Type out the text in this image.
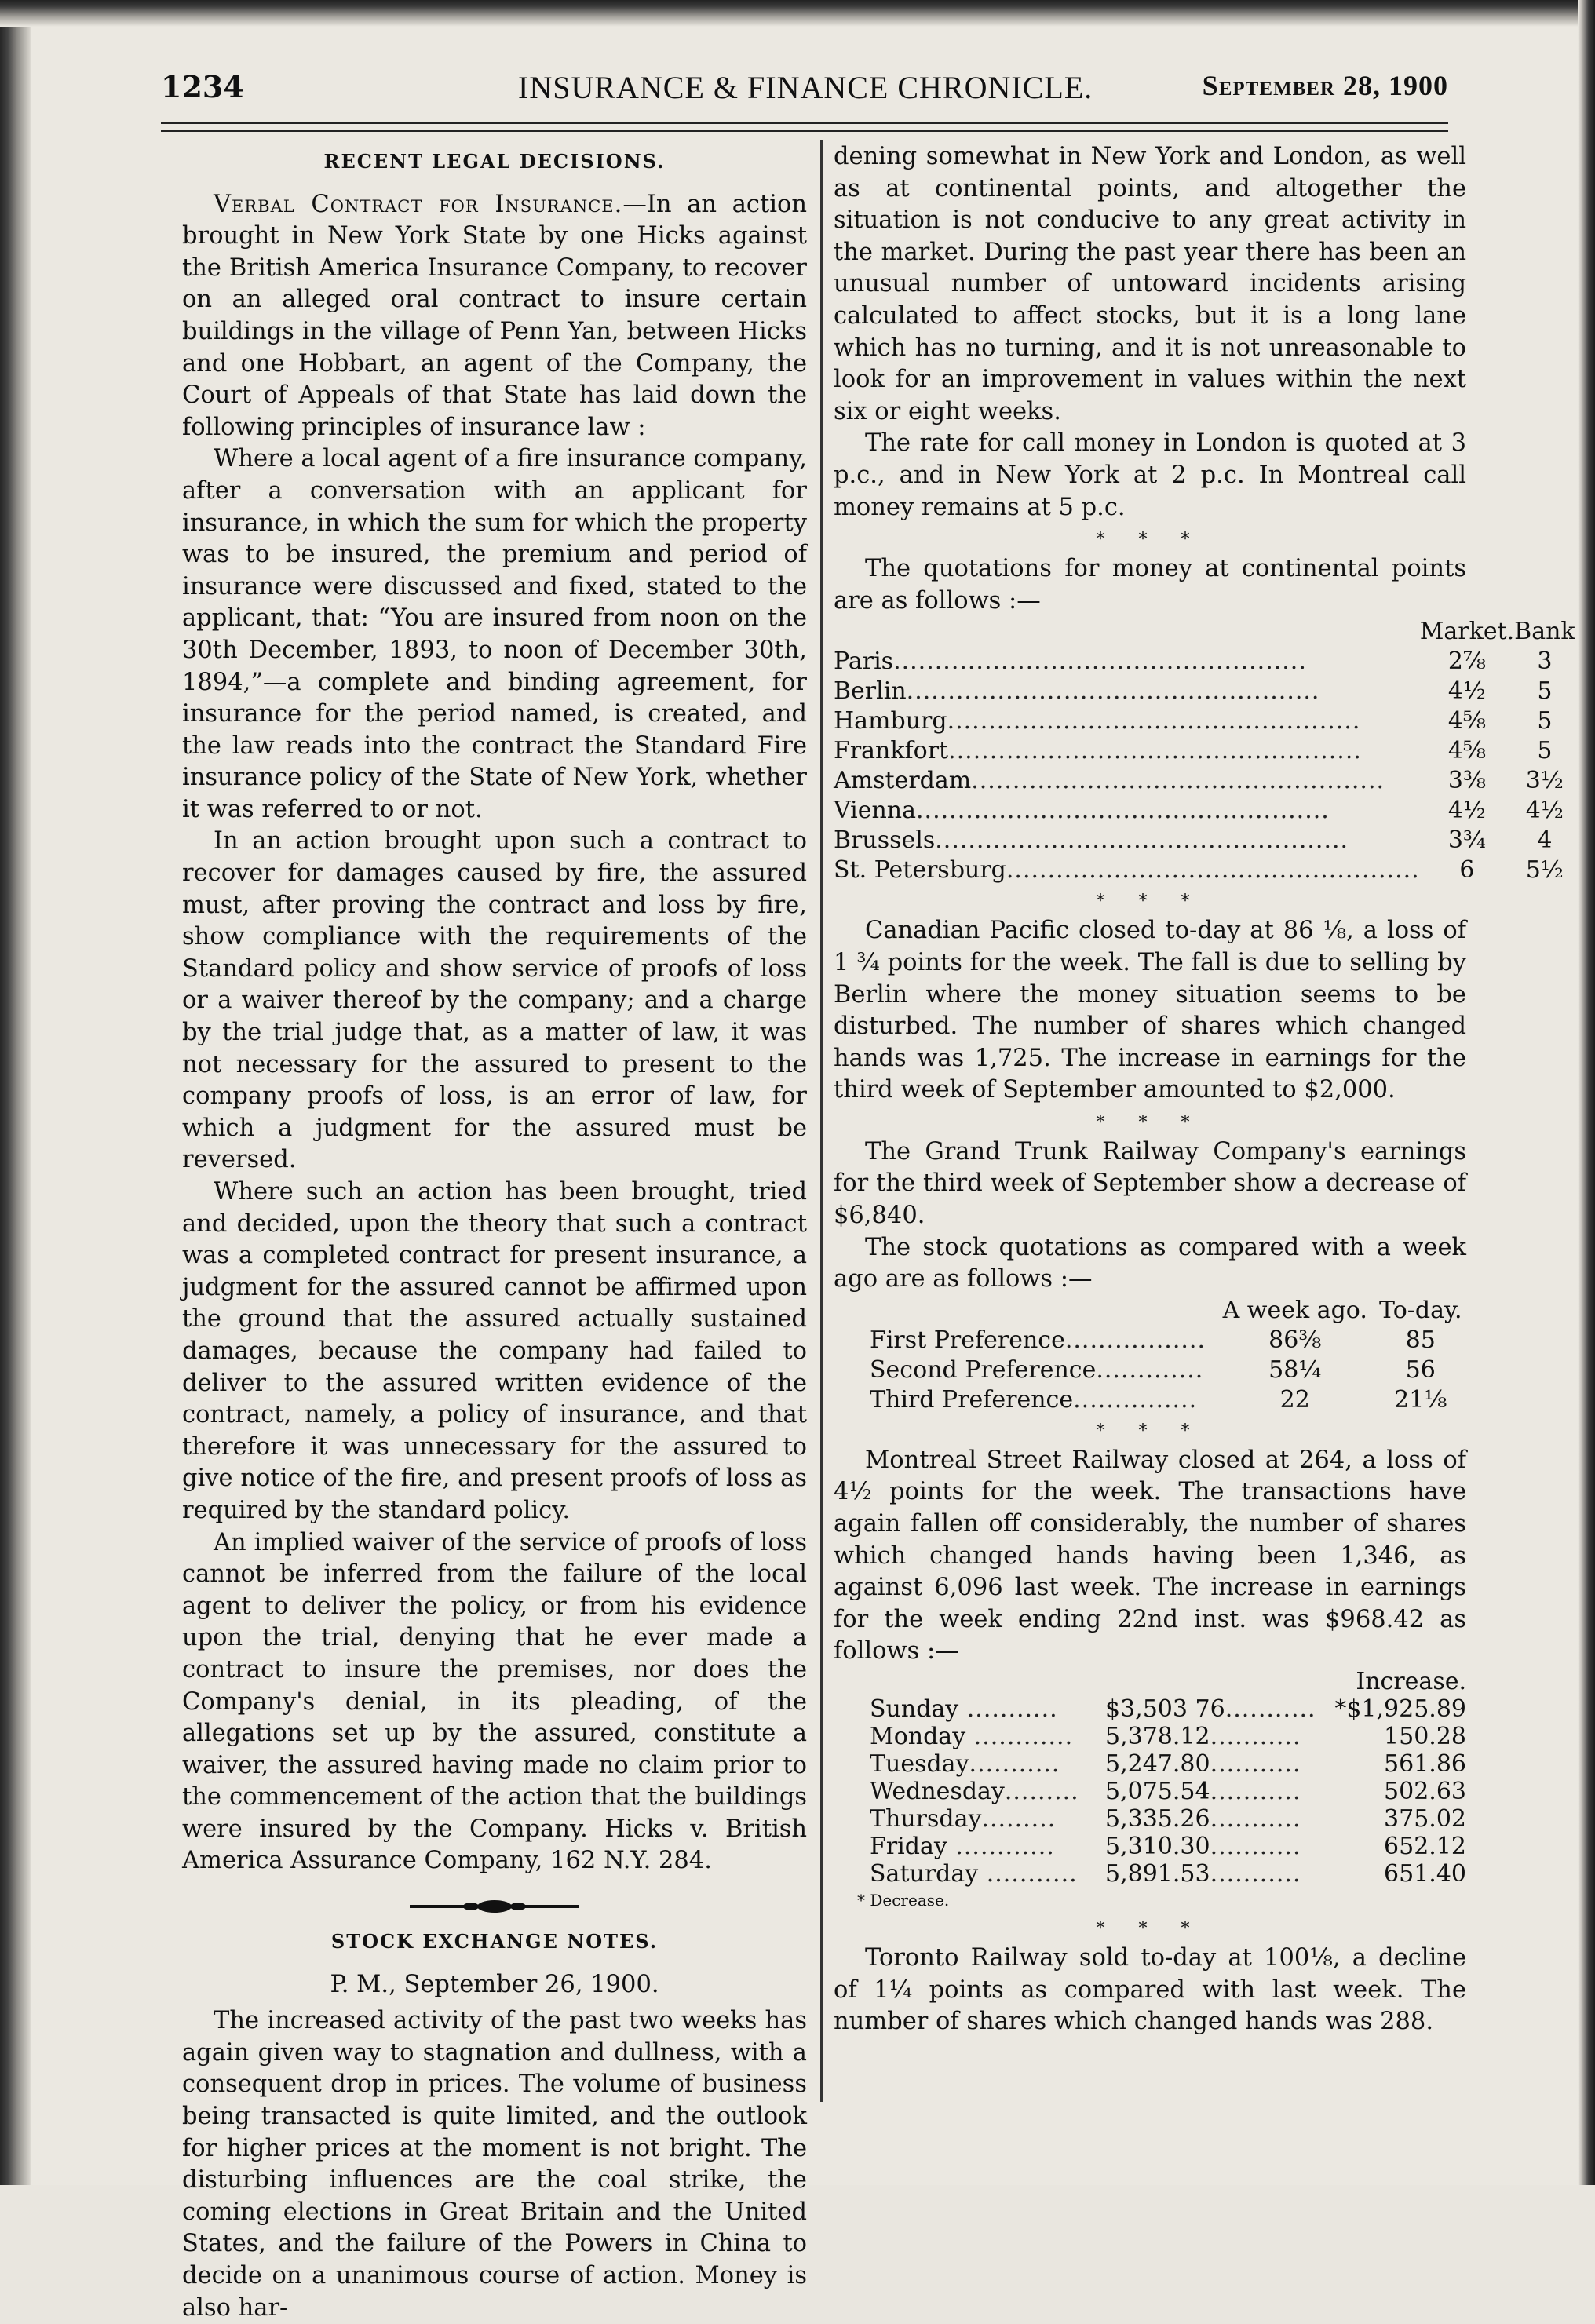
1234	INSURANCE & FINANCE CHRONICLE.	September 28, 1900
RECENT LEGAL DECISIONS.

Verbal Contract for Insurance.—In an action brought in New York State by one Hicks against the British America Insurance Company, to recover on an alleged oral contract to insure certain buildings in the village of Penn Yan, between Hicks and one Hobbart, an agent of the Company, the Court of Appeals of that State has laid down the following principles of insurance law :

Where a local agent of a fire insurance company, after a conversation with an applicant for insurance, in which the sum for which the property was to be insured, the premium and period of insurance were discussed and fixed, stated to the applicant, that: “You are insured from noon on the 30th December, 1893, to noon of December 30th, 1894,”—a complete and binding agreement, for insurance for the period named, is created, and the law reads into the contract the Standard Fire insurance policy of the State of New York, whether it was referred to or not.

In an action brought upon such a contract to recover for damages caused by fire, the assured must, after proving the contract and loss by fire, show compliance with the requirements of the Standard policy and show service of proofs of loss or a waiver thereof by the company; and a charge by the trial judge that, as a matter of law, it was not necessary for the assured to present to the company proofs of loss, is an error of law, for which a judgment for the assured must be reversed.

Where such an action has been brought, tried and decided, upon the theory that such a contract was a completed contract for present insurance, a judgment for the assured cannot be affirmed upon the ground that the assured actually sustained damages, because the company had failed to deliver to the assured written evidence of the contract, namely, a policy of insurance, and that therefore it was unnecessary for the assured to give notice of the fire, and present proofs of loss as required by the standard policy.

An implied waiver of the service of proofs of loss cannot be inferred from the failure of the local agent to deliver the policy, or from his evidence upon the trial, denying that he ever made a contract to insure the premises, nor does the Company's denial, in its pleading, of the allegations set up by the assured, constitute a waiver, the assured having made no claim prior to the commencement of the action that the buildings were insured by the Company. Hicks v. British America Assurance Company, 162 N.Y. 284.

STOCK EXCHANGE NOTES.
P. M., September 26, 1900.

The increased activity of the past two weeks has again given way to stagnation and dullness, with a consequent drop in prices. The volume of business being transacted is quite limited, and the outlook for higher prices at the moment is not bright. The disturbing influences are the coal strike, the coming elections in Great Britain and the United States, and the failure of the Powers in China to decide on a unanimous course of action. Money is also har-

dening somewhat in New York and London, as well as at continental points, and altogether the situation is not conducive to any great activity in the market. During the past year there has been an unusual number of untoward incidents arising calculated to affect stocks, but it is a long lane which has no turning, and it is not unreasonable to look for an improvement in values within the next six or eight weeks.

The rate for call money in London is quoted at 3 p.c., and in New York at 2 p.c. In Montreal call money remains at 5 p.c.

* * *

The quotations for money at continental points are as follows :—

	Market.	Bank
Paris..................................................	2⅞	3
Berlin..................................................	4½	5
Hamburg..................................................	4⅝	5
Frankfort..................................................	4⅝	5
Amsterdam..................................................	3⅜	3½
Vienna..................................................	4½	4½
Brussels..................................................	3¾	4
St. Petersburg..................................................	6	5½
* * *

Canadian Pacific closed to-day at 86 ⅛, a loss of 1 ¾ points for the week. The fall is due to selling by Berlin where the money situation seems to be disturbed. The number of shares which changed hands was 1,725. The increase in earnings for the third week of September amounted to $2,000.

* * *

The Grand Trunk Railway Company's earnings for the third week of September show a decrease of $6,840.

The stock quotations as compared with a week ago are as follows :—

	A week ago.	To-day.
First Preference.................	86⅜	85
Second Preference.............	58¼	56
Third Preference...............	22	21⅛
* * *

Montreal Street Railway closed at 264, a loss of 4½ points for the week. The transactions have again fallen off considerably, the number of shares which changed hands having been 1,346, as against 6,096 last week. The increase in earnings for the week ending 22nd inst. was $968.42 as follows :—

		Increase.
Sunday ...........	$3,503 76...........	*$1,925.89
Monday ............	5,378.12...........	150.28
Tuesday...........	5,247.80...........	561.86
Wednesday.........	5,075.54...........	502.63
Thursday.........	5,335.26...........	375.02
Friday ............	5,310.30...........	652.12
Saturday ...........	5,891.53...........	651.40
* Decrease.
* * *

Toronto Railway sold to-day at 100⅛, a decline of 1¼ points as compared with last week. The number of shares which changed hands was 288.
